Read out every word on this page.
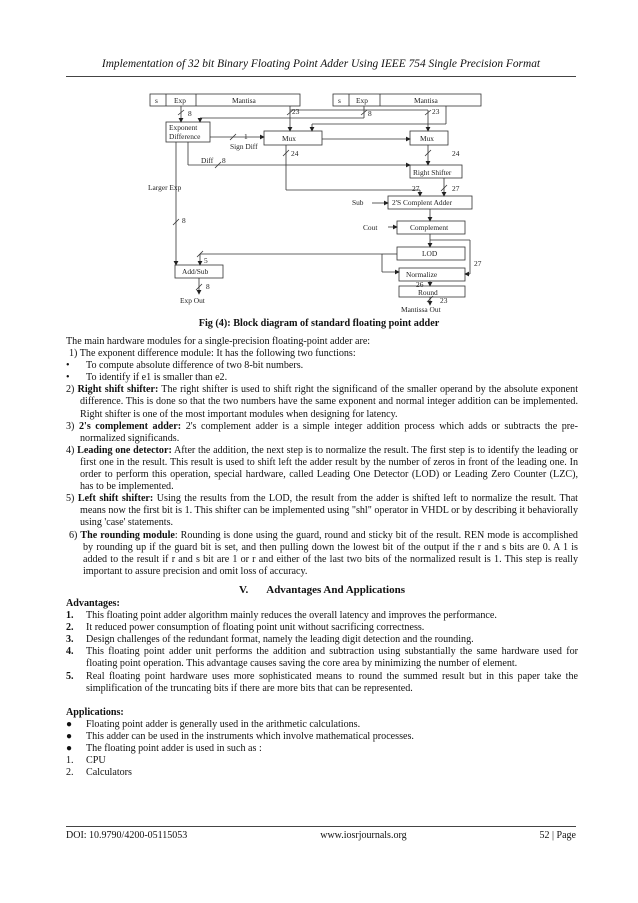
Implementation of 32 bit Binary Floating Point Adder Using IEEE 754 Single Precision Format
s Exp	Mantisa	s Exp	Mantisa
8	23	8	23
Exponent
Difference	1
Sign Diff
Mux	Mux
24	24
Diff 8
Right Shifter
Larger Exp	27	27
Sub	2'S Complent Adder
8
Cout	Complement
LOD
5	27
Add/Sub	Normalize
26
8
Round
Exp Out	23
Mantissa Out
Fig (4): Block diagram of standard floating point adder

The main hardware modules for a single-precision floating-point adder are:

1) The exponent difference module: It has the following two functions:

•	To compute absolute difference of two 8-bit numbers.
•	To identify if e1 is smaller than e2.

2) Right shift shifter: The right shifter is used to shift right the significand of the smaller operand by the absolute exponent difference. This is done so that the two numbers have the same exponent and normal integer addition can be implemented. Right shifter is one of the most important modules when designing for latency.

3) 2's complement adder: 2's complement adder is a simple integer addition process which adds or subtracts the pre-normalized significands.

4) Leading one detector: After the addition, the next step is to normalize the result. The first step is to identify the leading or first one in the result. This result is used to shift left the adder result by the number of zeros in front of the leading one. In order to perform this operation, special hardware, called Leading One Detector (LOD) or Leading Zero Counter (LZC), has to be implemented.

5) Left shift shifter: Using the results from the LOD, the result from the adder is shifted left to normalize the result. That means now the first bit is 1. This shifter can be implemented using "shl" operator in VHDL or by describing it behaviorally using 'case' statements.

6) The rounding module: Rounding is done using the guard, round and sticky bit of the result. REN mode is accomplished by rounding up if the guard bit is set, and then pulling down the lowest bit of the output if the r and s bits are 0. A 1 is added to the result if r and s bit are 1 or r and either of the last two bits of the normalized result is 1. This step is really important to assure precision and omit loss of accuracy.

V. Advantages And Applications

Advantages:

1.	This floating point adder algorithm mainly reduces the overall latency and improves the performance.
2.	It reduced power consumption of floating point unit without sacrificing correctness.
3.	Design challenges of the redundant format, namely the leading digit detection and the rounding.
4.	This floating point adder unit performs the addition and subtraction using substantially the same hardware used for floating point operation. This advantage causes saving the core area by minimizing the number of element.
5.	Real floating point hardware uses more sophisticated means to round the summed result but in this paper take the simplification of the truncating bits if there are more bits that can be represented.

Applications:

●	Floating point adder is generally used in the arithmetic calculations.
●	This adder can be used in the instruments which involve mathematical processes.
●	The floating point adder is used in such as :
1.	CPU
2.	Calculators
DOI: 10.9790/4200-05115053	www.iosrjournals.org	52 | Page
